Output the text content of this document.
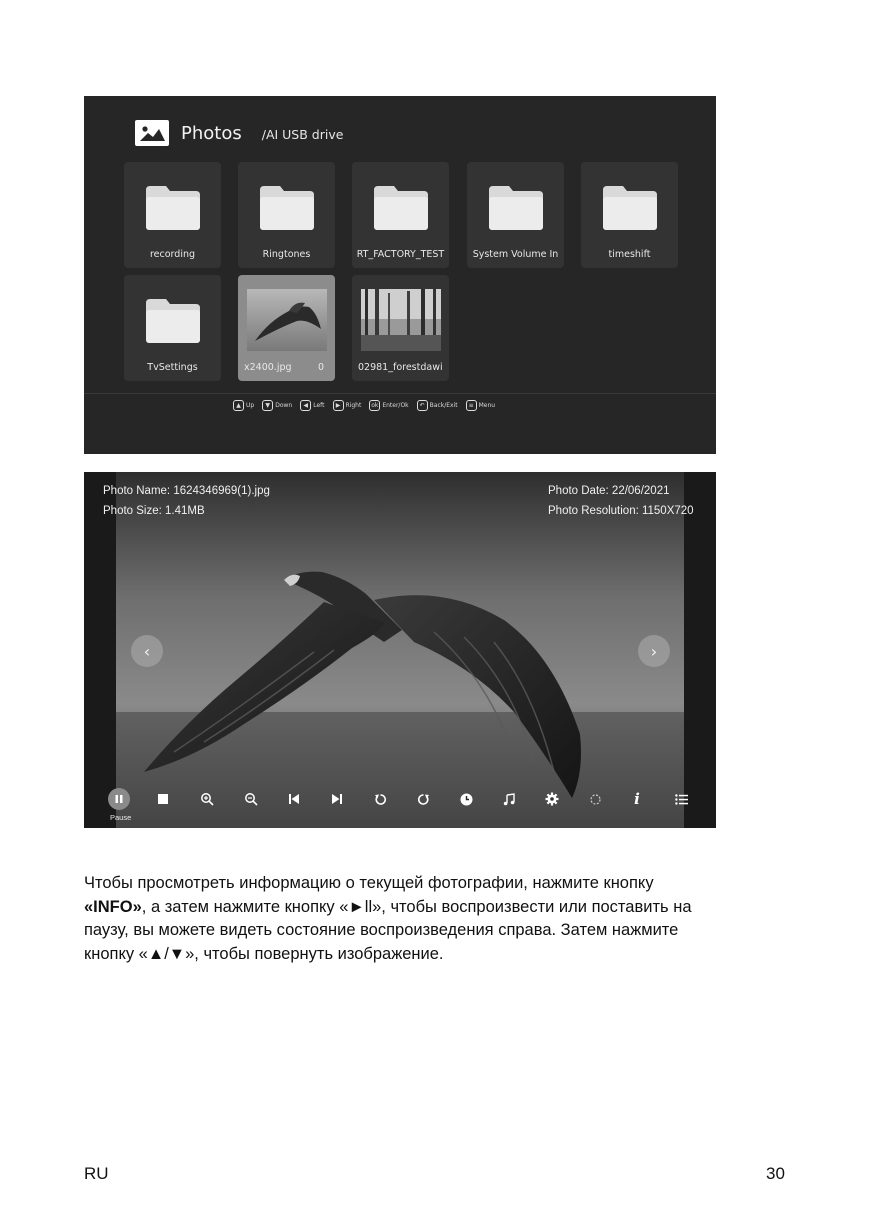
Photos /AI USB drive
recording	Ringtones	RT_FACTORY_TEST	System Volume In	timeshift
TvSettings	x2400.jpg	0	02981_forestdawi
▲ Up	▼ Down	◀ Left	▶ Right	ok Enter/Ok	↶ Back/Exit	≡ Menu
Photo Name: 1624346969(1).jpg
Photo Size: 1.41MB
Photo Date: 22/06/2021
Photo Resolution: 1150X720
‹	›
i
Pause
Чтобы просмотреть информацию о текущей фотографии, нажмите кнопку
«INFO», а затем нажмите кнопку «►ll», чтобы воспроизвести или поставить на
паузу, вы можете видеть состояние воспроизведения справа. Затем нажмите
кнопку «▲/▼», чтобы повернуть изображение.
RU	30
